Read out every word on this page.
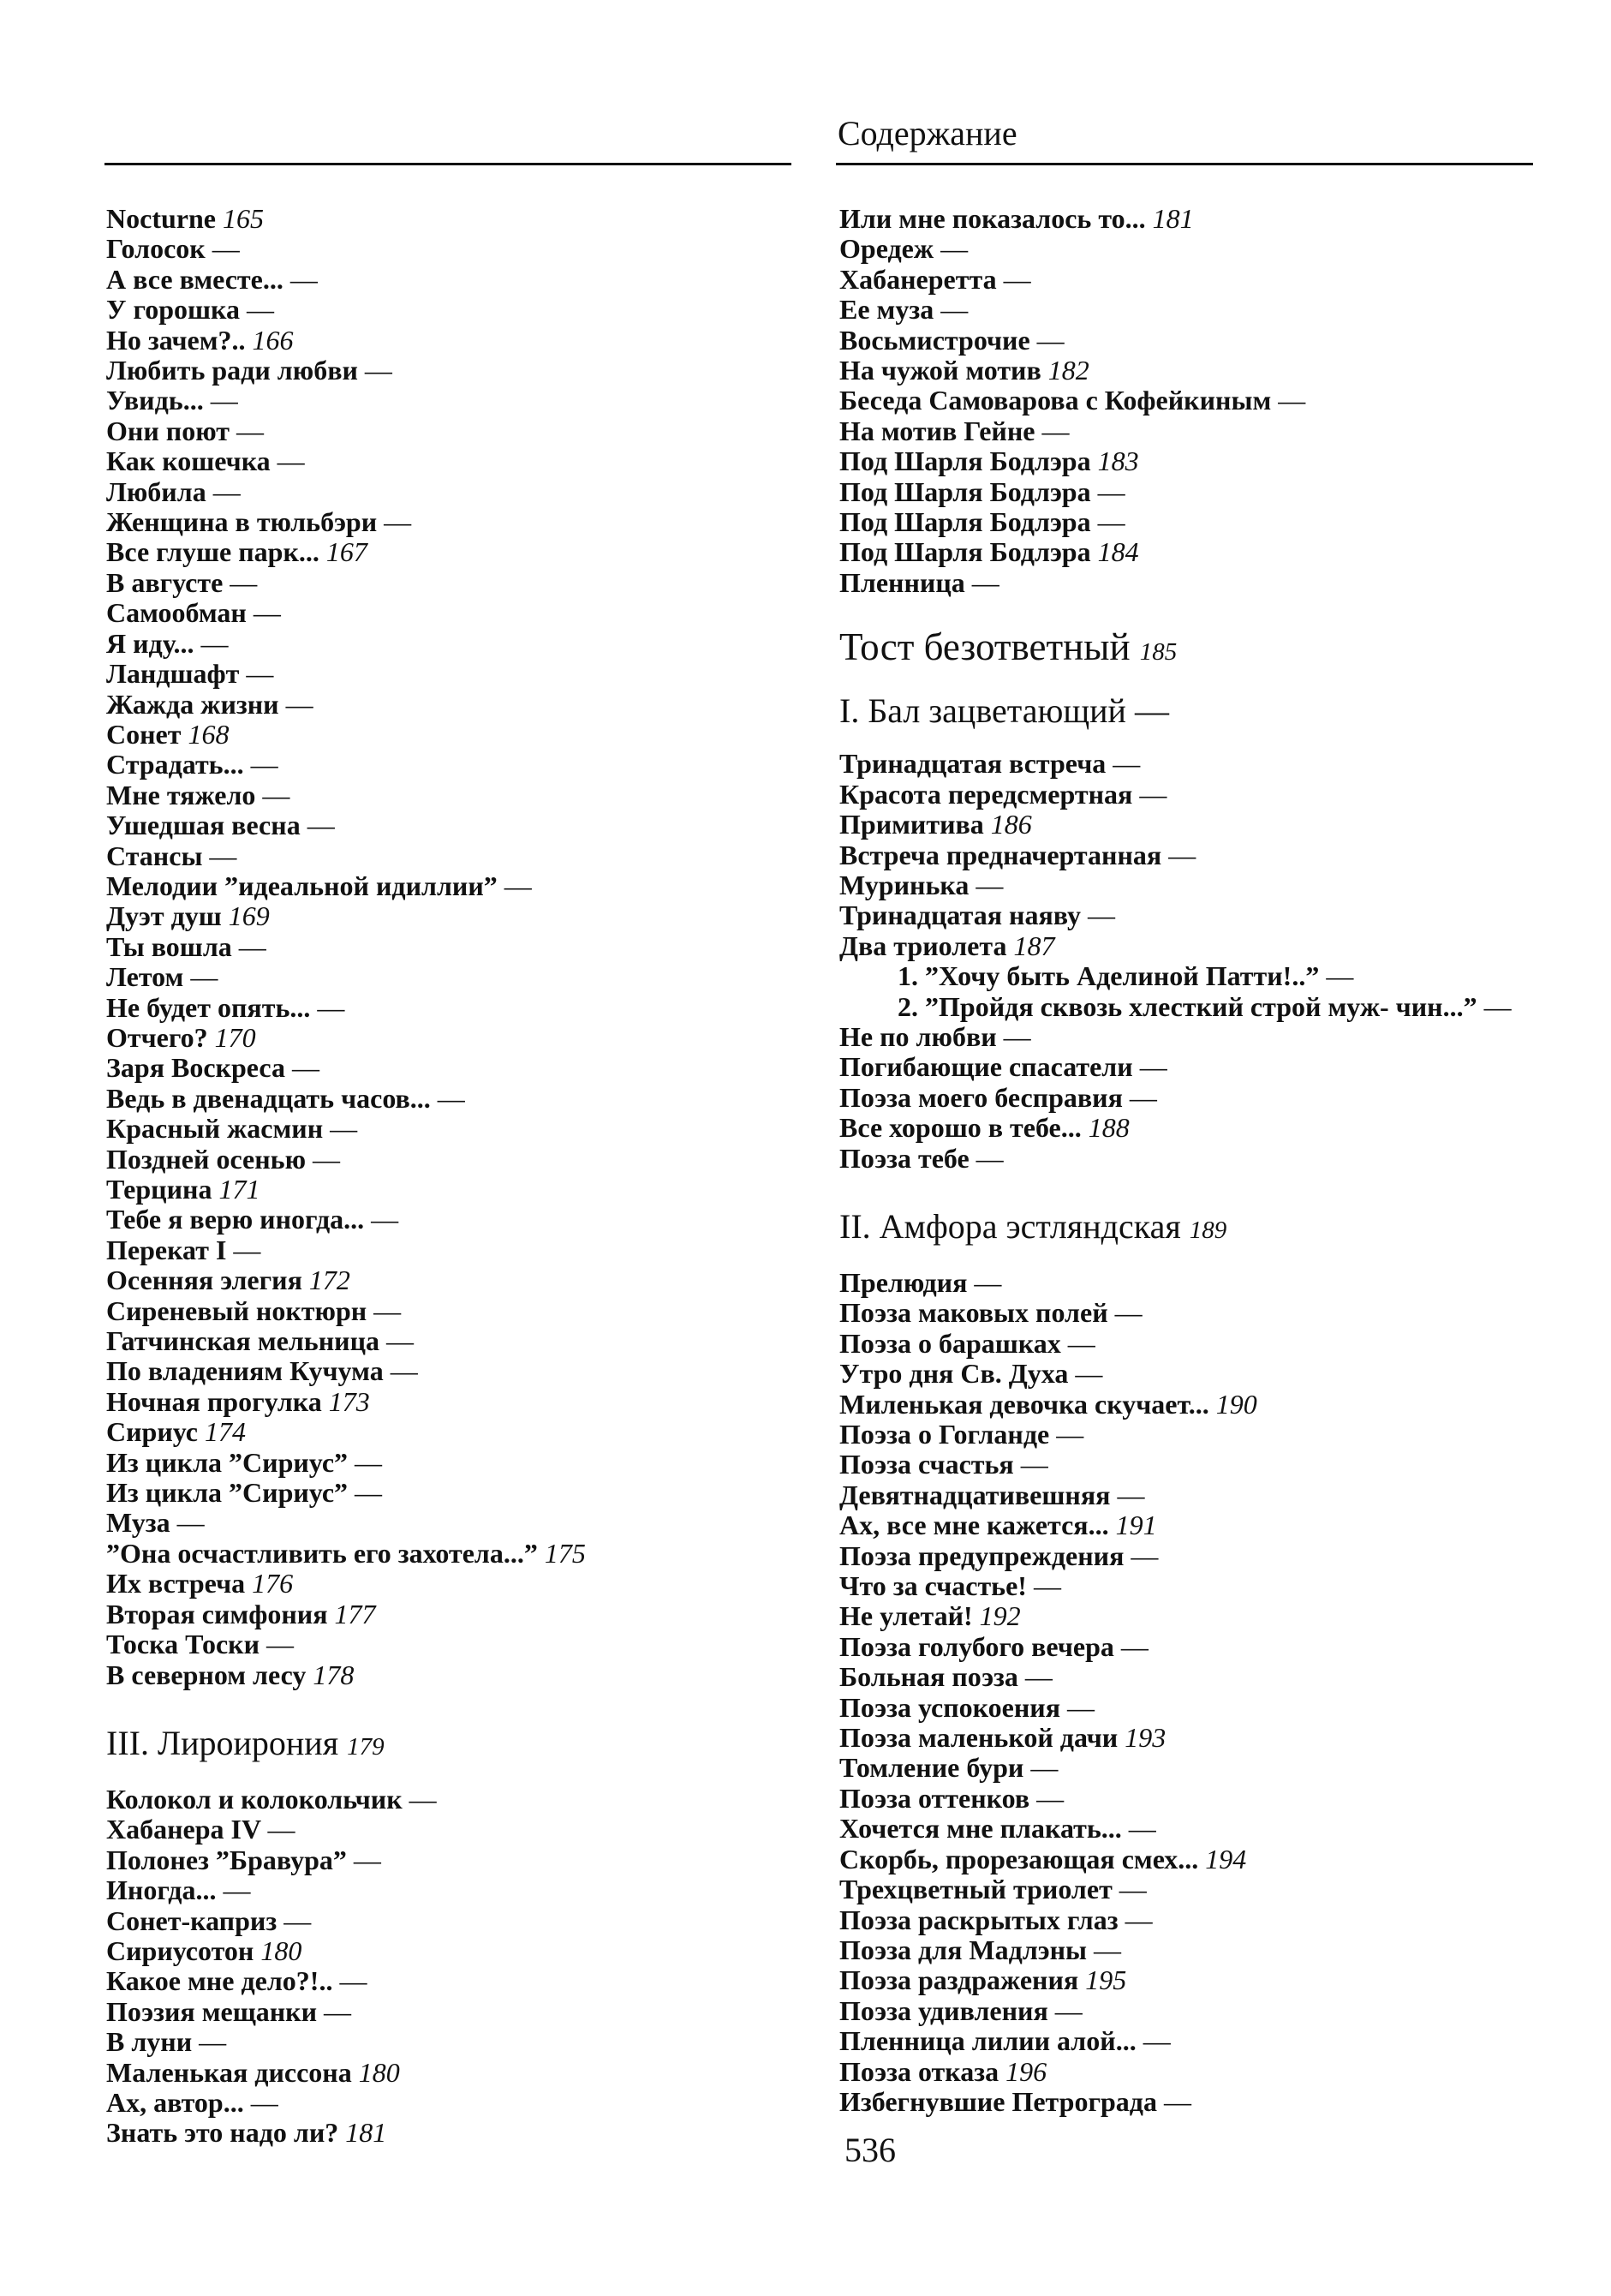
Содержание
Nocturne 165
Голосок —
А все вместе... —
У горошка —
Но зачем?.. 166
Любить ради любви —
Увидь... —
Они поют —
Как кошечка —
Любила —
Женщина в тюльбэри —
Все глуше парк... 167
В августе —
Самообман —
Я иду... —
Ландшафт —
Жажда жизни —
Сонет 168
Страдать... —
Мне тяжело —
Ушедшая весна —
Стансы —
Мелодии ”идеальной идиллии” —
Дуэт душ 169
Ты вошла —
Летом —
Не будет опять... —
Отчего? 170
Заря Воскреса —
Ведь в двенадцать часов... —
Красный жасмин —
Поздней осенью —
Терцина 171
Тебе я верю иногда... —
Перекат I —
Осенняя элегия 172
Сиреневый ноктюрн —
Гатчинская мельница —
По владениям Кучума —
Ночная прогулка 173
Сириус 174
Из цикла ”Сириус” —
Из цикла ”Сириус” —
Муза —
”Она осчастливить его захотела...” 175
Их встреча 176
Вторая симфония 177
Тоска Тоски —
В северном лесу 178
III. Лироирония 179
Колокол и колокольчик —
Хабанера IV —
Полонез ”Бравура” —
Иногда... —
Сонет-каприз —
Сириусотон 180
Какое мне дело?!.. —
Поэзия мещанки —
В луни —
Маленькая диссона 180
Ах, автор... —
Знать это надо ли? 181
Или мне показалось то... 181
Оредеж —
Хабанеретта —
Ее муза —
Восьмистрочие —
На чужой мотив 182
Беседа Самоварова с Кофейкиным —
На мотив Гейне —
Под Шарля Бодлэра 183
Под Шарля Бодлэра —
Под Шарля Бодлэра —
Под Шарля Бодлэра 184
Пленница —
Тост безответный 185
I. Бал зацветающий —
Тринадцатая встреча —
Красота передсмертная —
Примитива 186
Встреча предначертанная —
Муринька —
Тринадцатая наяву —
Два триолета 187
1. ”Хочу быть Аделиной Патти!..” —
2. ”Пройдя сквозь хлесткий строй муж- чин...” —
Не по любви —
Погибающие спасатели —
Поэза моего бесправия —
Все хорошо в тебе... 188
Поэза тебе —
II. Амфора эстляндская 189
Прелюдия —
Поэза маковых полей —
Поэза о барашках —
Утро дня Св. Духа —
Миленькая девочка скучает... 190
Поэза о Гогланде —
Поэза счастья —
Девятнадцативешняя —
Ах, все мне кажется... 191
Поэза предупреждения —
Что за счастье! —
Не улетай! 192
Поэза голубого вечера —
Больная поэза —
Поэза успокоения —
Поэза маленькой дачи 193
Томление бури —
Поэза оттенков —
Хочется мне плакать... —
Скорбь, прорезающая смех... 194
Трехцветный триолет —
Поэза раскрытых глаз —
Поэза для Мадлэны —
Поэза раздражения 195
Поэза удивления —
Пленница лилии алой... —
Поэза отказа 196
Избегнувшие Петрограда —
536
